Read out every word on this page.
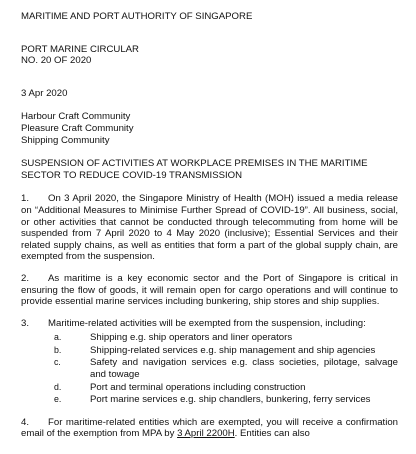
MARITIME AND PORT AUTHORITY OF SINGAPORE
PORT MARINE CIRCULAR
NO. 20 OF 2020
3 Apr 2020
Harbour Craft Community
Pleasure Craft Community
Shipping Community
SUSPENSION OF ACTIVITIES AT WORKPLACE PREMISES IN THE MARITIME
SECTOR TO REDUCE COVID-19 TRANSMISSION

1. On 3 April 2020, the Singapore Ministry of Health (MOH) issued a media release on “Additional Measures to Minimise Further Spread of COVID-19”. All business, social, or other activities that cannot be conducted through telecommuting from home will be suspended from 7 April 2020 to 4 May 2020 (inclusive); Essential Services and their related supply chains, as well as entities that form a part of the global supply chain, are exempted from the suspension.

2. As maritime is a key economic sector and the Port of Singapore is critical in ensuring the flow of goods, it will remain open for cargo operations and will continue to provide essential marine services including bunkering, ship stores and ship supplies.

3. Maritime-related activities will be exempted from the suspension, including:

a.	Shipping e.g. ship operators and liner operators
b.	Shipping-related services e.g. ship management and ship agencies
c.	Safety and navigation services e.g. class societies, pilotage, salvage and towage
d.	Port and terminal operations including construction
e.	Port marine services e.g. ship chandlers, bunkering, ferry services

4. For maritime-related entities which are exempted, you will receive a confirmation email of the exemption from MPA by 3 April 2200H. Entities can also
